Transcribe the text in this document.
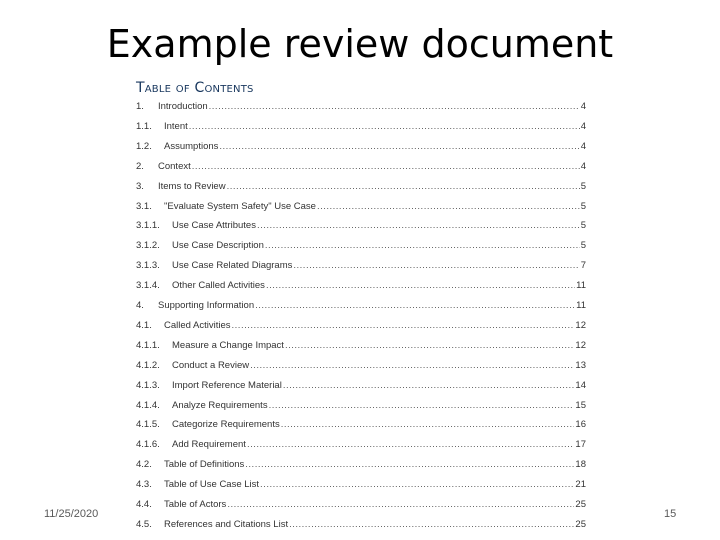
Example review document
Table of Contents
1.	Introduction .....	4
1.1.	Intent .....	4
1.2.	Assumptions .....	4
2.	Context .....	4
3.	Items to Review .....	5
3.1.	"Evaluate System Safety" Use Case .....	5
3.1.1.	Use Case Attributes .....	5
3.1.2.	Use Case Description .....	5
3.1.3.	Use Case Related Diagrams .....	7
3.1.4.	Other Called Activities .....	11
4.	Supporting Information .....	11
4.1.	Called Activities .....	12
4.1.1.	Measure a Change Impact .....	12
4.1.2.	Conduct a Review .....	13
4.1.3.	Import Reference Material .....	14
4.1.4.	Analyze Requirements .....	15
4.1.5.	Categorize Requirements .....	16
4.1.6.	Add Requirement .....	17
4.2.	Table of Definitions .....	18
4.3.	Table of Use Case List .....	21
4.4.	Table of Actors .....	25
4.5.	References and Citations List .....	25
11/25/2020	15
